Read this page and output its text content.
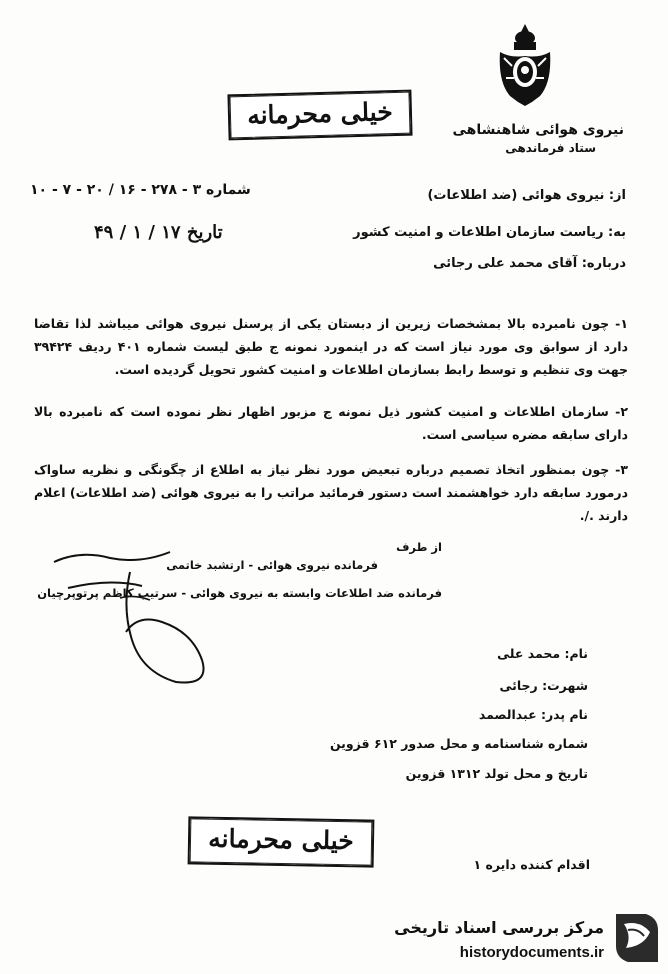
نیروی هوائی شاهنشاهی
ستاد فرماندهی
خیلی محرمانه
شماره ۳ - ۲۷۸ - ۱۶ / ۲۰ - ۷ - ۱۰
تاریخ ۱۷ / ۱ / ۴۹
از: نیروی هوائی (ضد اطلاعات)
به: ریاست سازمان اطلاعات و امنیت کشور
درباره: آقای محمد علی رجائی
۱- چون نامبرده بالا بمشخصات زیرین از دبستان یکی از پرسنل نیروی هوائی میباشد لذا تقاضا دارد از سوابق وی مورد نیاز است که در اینمورد نمونه ج طبق لیست شماره ۴۰۱ ردیف ۳۹۴۲۴ جهت وی تنظیم و توسط رابط بسازمان اطلاعات و امنیت کشور تحویل گردیده است.
۲- سازمان اطلاعات و امنیت کشور ذیل نمونه ج مزبور اظهار نظر نموده است که نامبرده بالا دارای سابقه مضره سیاسی است.
۳- چون بمنظور اتخاذ تصمیم درباره تبعیض مورد نظر نیاز به اطلاع از چگونگی و نظریه ساواک درمورد سابقه دارد خواهشمند است دستور فرمائید مراتب را به نیروی هوائی (ضد اطلاعات) اعلام دارند ./.
از طرف
فرمانده نیروی هوائی - ارتشبد خاتمی
فرمانده ضد اطلاعات وابسته به نیروی هوائی - سرتیپ کاظم پرتوپرچیان
نام: محمد علی
شهرت: رجائی
نام پدر: عبدالصمد
شماره شناسنامه و محل صدور ۶۱۲ قزوین
تاریخ و محل تولد ۱۳۱۲ قزوین
خیلی محرمانه
اقدام کننده دایره ۱
مرکز بررسی اسناد تاریخی
historydocuments.ir
